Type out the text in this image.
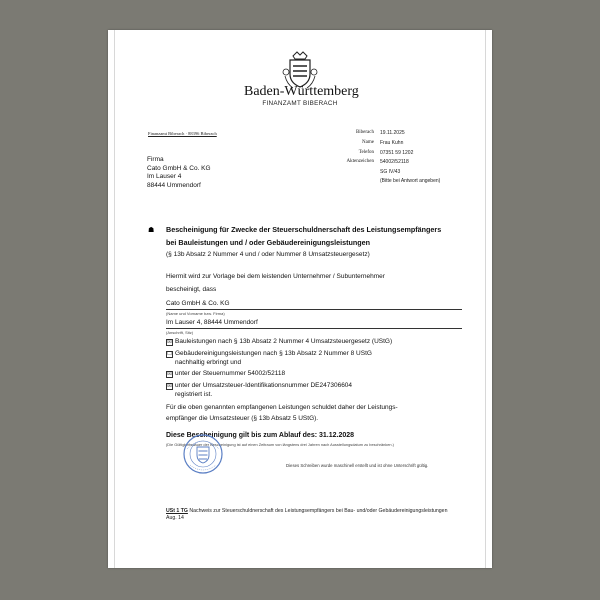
Baden-Württemberg
FINANZAMT BIBERACH
Finanzamt Biberach · 88396 Biberach	Biberach	19.11.2025
Name	Frau Kuhn
Telefon	07351 59 1202
Aktenzeichen	54002/52118
SG IV/43
(Bitte bei Antwort angeben)
Firma
Cato GmbH & Co. KG
Im Lauser 4
88444 Ummendorf
☗ Bescheinigung für Zwecke der Steuerschuldnerschaft des Leistungsempfängers
bei Bauleistungen und / oder Gebäudereinigungsleistungen
(§ 13b Absatz 2 Nummer 4 und / oder Nummer 8 Umsatzsteuergesetz)
Hiermit wird zur Vorlage bei dem leistenden Unternehmer / Subunternehmer
bescheinigt, dass
Cato GmbH & Co. KG
(Name und Vorname bzw. Firma)
Im Lauser 4, 88444 Ummendorf
(Anschrift, Sitz)
☒ Bauleistungen nach § 13b Absatz 2 Nummer 4 Umsatzsteuergesetz (UStG)
☐ Gebäudereinigungsleistungen nach § 13b Absatz 2 Nummer 8 UStG
nachhaltig erbringt und
☒ unter der Steuernummer 54002/52118
☒ unter der Umsatzsteuer-Identifikationsnummer DE247306604
registriert ist.
Für die oben genannten empfangenen Leistungen schuldet daher der Leistungs-
empfänger die Umsatzsteuer (§ 13b Absatz 5 UStG).
Diese Bescheinigung gilt bis zum Ablauf des: 31.12.2028
(Die Gültigkeitsdauer der Bescheinigung ist auf einen Zeitraum von längstens drei Jahren nach Ausstellungsdatum zu beschränken.)
Dieses Schreiben wurde maschinell erstellt und ist ohne Unterschrift gültig.
USt 1 TG Nachweis zur Steuerschuldnerschaft des Leistungsempfängers bei Bau- und/oder Gebäudereinigungsleistungen
Aug. 14
